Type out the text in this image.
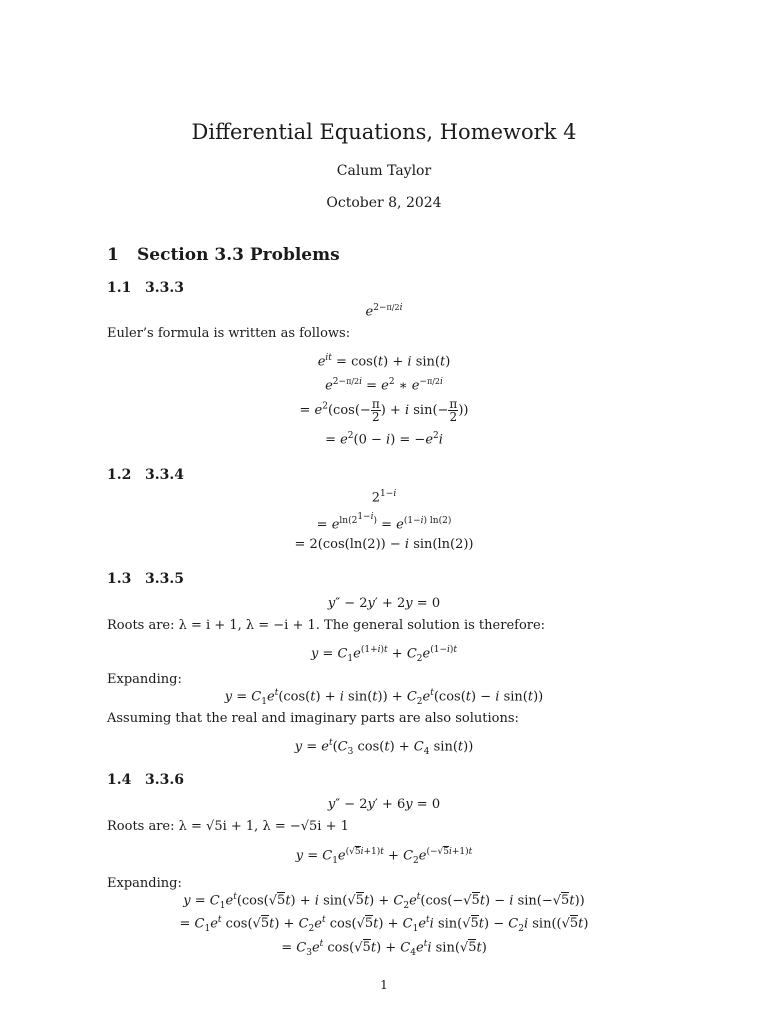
Differential Equations, Homework 4
Calum Taylor
October 8, 2024
1 Section 3.3 Problems
1.1 3.3.3
$e^{2-\pi/2i}$
Euler’s formula is written as follows:
$e^{it} = \cos(t) + i$ sin(t)
$e^{2-\pi/2i} = e^2$ ∗ $e^{-\pi/2i}$
= $e^2(\cos(- \frac{\pi}{2}$ ) + i $\sin(- \frac{\pi}{2}$ ))
= $e^2(0 - i) = -e^2i$
1.2 3.3.4
$2^{1-i}$
= $e^{ln(2^{1-i})} = e^{(1-i) ln(2)}$
= 2(cos(ln(2)) − i sin(ln(2))
1.3 3.3.5
y″ − 2y′ + 2y = 0
Roots are: λ = i + 1, λ = −i + 1. The general solution is therefore:
$y = C_1e^{(1+i)t} + C_2e^{(1-i)t}$
Expanding:
$y = C_1e^t(\cos(t) + i$ $\sin(t)) + C_2e^t(\cos(t) - i$ sin(t))
Assuming that the real and imaginary parts are also solutions:
$y = e^t(C_3$ $\cos(t) + C_4$ sin(t))
1.4 3.3.6
y″ − 2y′ + 6y = 0
Roots are: λ = √5i + 1, λ = −√5i + 1
$y = C_1e^{(√5i+1)t} + C_2e^{(-√5i+1)t}$
Expanding:
$y = C_1e^t(\cos(√5t) + i$ $\sin(√5t) + C_2e^t(\cos(-√5t) - i$ sin(−√5t))
= $C_1e^t$ $\cos(√5t) + C_2e^t$ $\cos(√5t) + C_1e^ti$ $\sin(√5t) - C_2i$ sin((√5t)
= $C_3e^t$ $\cos(√5t) + C_4e^ti$ sin(√5t)
1
